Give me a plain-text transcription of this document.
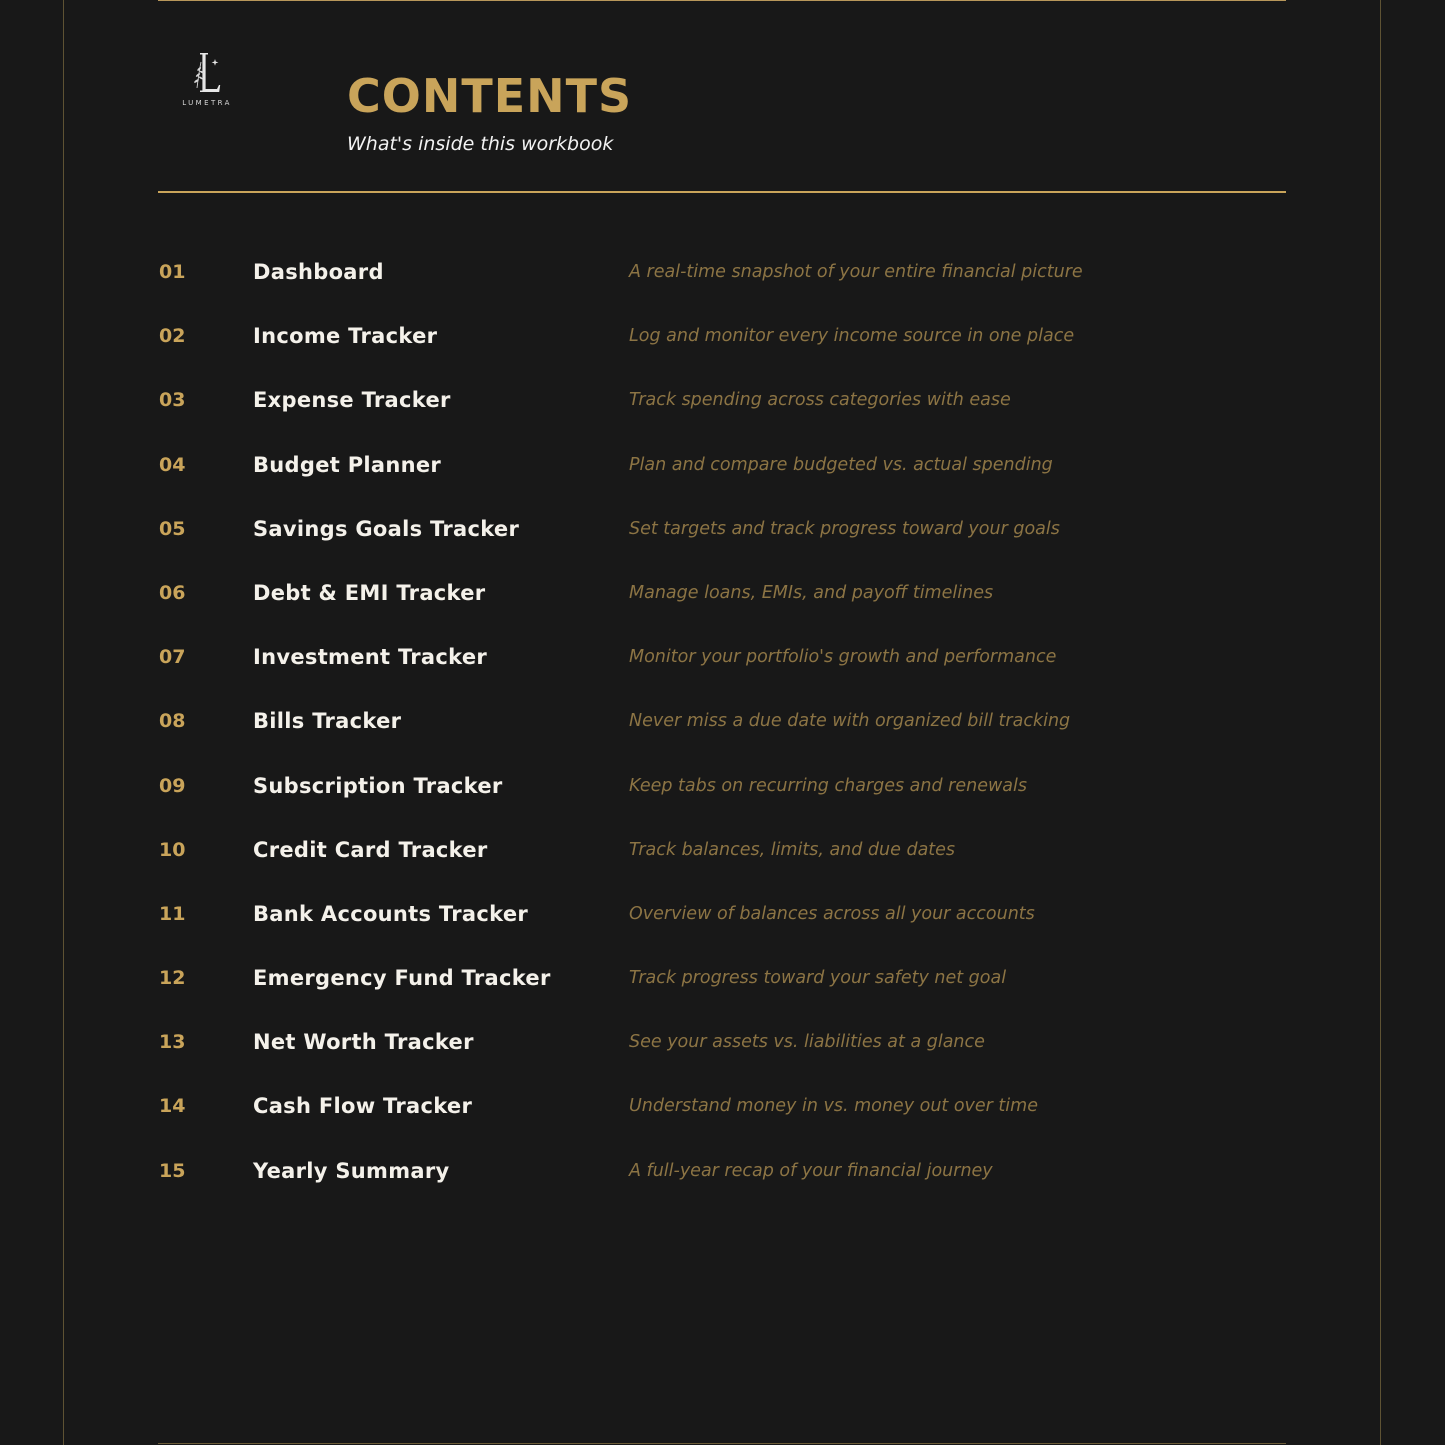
LUMETRA	CONTENTS

What's inside this workbook

01	Dashboard	A real-time snapshot of your entire financial picture
02	Income Tracker	Log and monitor every income source in one place
03	Expense Tracker	Track spending across categories with ease
04	Budget Planner	Plan and compare budgeted vs. actual spending
05	Savings Goals Tracker	Set targets and track progress toward your goals
06	Debt & EMI Tracker	Manage loans, EMIs, and payoff timelines
07	Investment Tracker	Monitor your portfolio's growth and performance
08	Bills Tracker	Never miss a due date with organized bill tracking
09	Subscription Tracker	Keep tabs on recurring charges and renewals
10	Credit Card Tracker	Track balances, limits, and due dates
11	Bank Accounts Tracker	Overview of balances across all your accounts
12	Emergency Fund Tracker	Track progress toward your safety net goal
13	Net Worth Tracker	See your assets vs. liabilities at a glance
14	Cash Flow Tracker	Understand money in vs. money out over time
15	Yearly Summary	A full-year recap of your financial journey
